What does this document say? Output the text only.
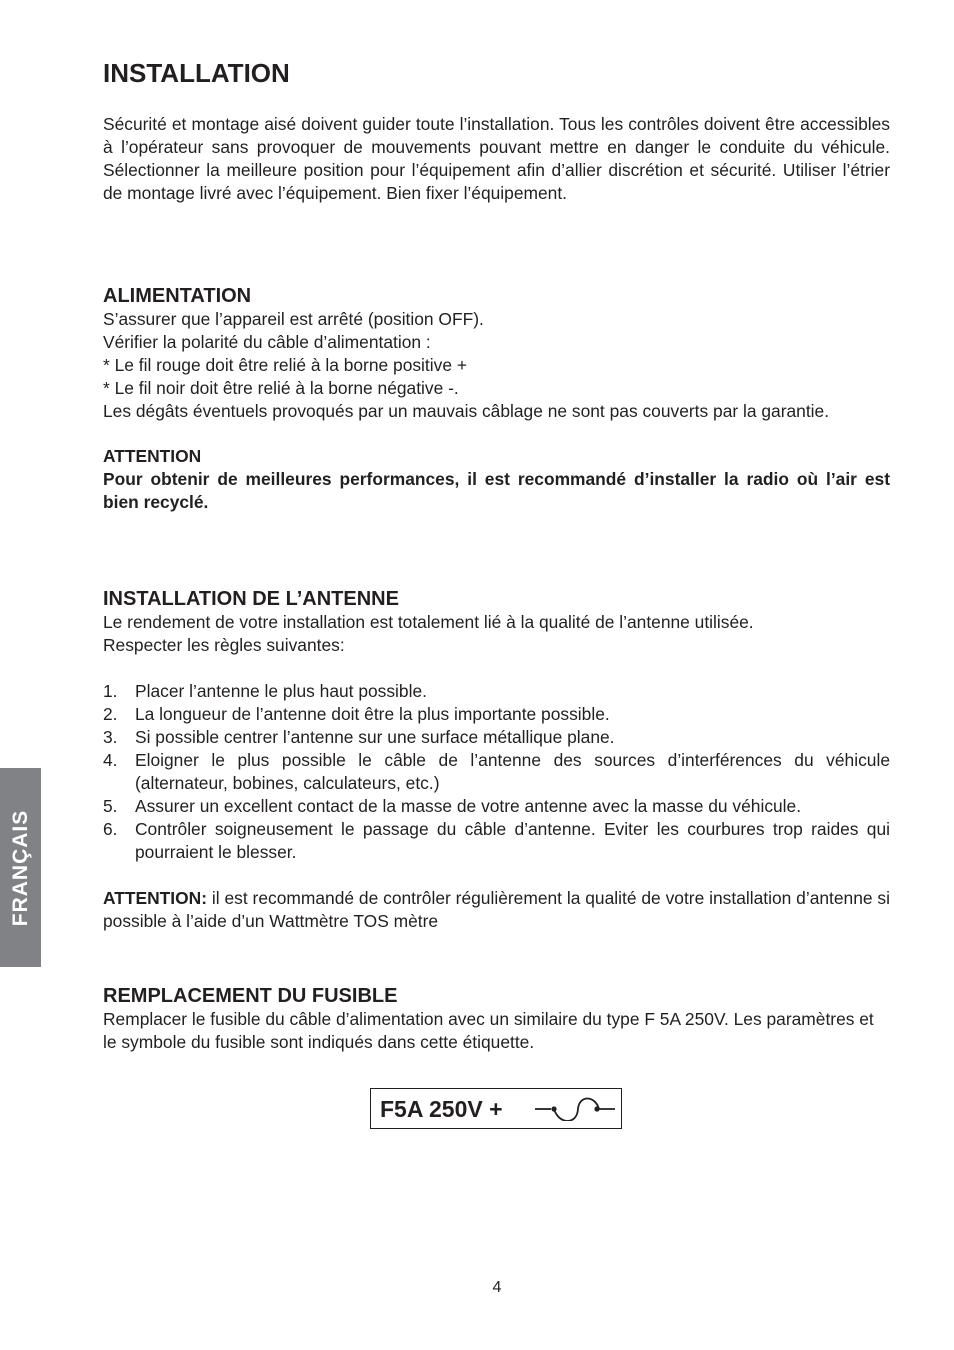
INSTALLATION

Sécurité et montage aisé doivent guider toute l’installation. Tous les contrôles doivent être accessibles à l’opérateur sans provoquer de mouvements pouvant mettre en danger le conduite du véhicule. Sélectionner la meilleure position pour l’équipement afin d’allier discrétion et sécurité. Utiliser l’étrier de montage livré avec l’équipement. Bien fixer l’équipement.

ALIMENTATION

S’assurer que l’appareil est arrêté (position OFF).

Vérifier la polarité du câble d’alimentation :

* Le fil rouge doit être relié à la borne positive +

* Le fil noir doit être relié à la borne négative -.

Les dégâts éventuels provoqués par un mauvais câblage ne sont pas couverts par la garantie.

ATTENTION

Pour obtenir de meilleures performances, il est recommandé d’installer la radio où l’air est bien recyclé.

INSTALLATION DE L’ANTENNE

Le rendement de votre installation est totalement lié à la qualité de l’antenne utilisée.

Respecter les règles suivantes:

1. Placer l’antenne le plus haut possible.
2. La longueur de l’antenne doit être la plus importante possible.
3. Si possible centrer l’antenne sur une surface métallique plane.
4. Eloigner le plus possible le câble de l’antenne des sources d’interférences du véhicule (alternateur, bobines, calculateurs, etc.)
5. Assurer un excellent contact de la masse de votre antenne avec la masse du véhicule.
6. Contrôler soigneusement le passage du câble d’antenne. Eviter les courbures trop raides qui pourraient le blesser.

ATTENTION: il est recommandé de contrôler régulièrement la qualité de votre installation d’antenne si possible à l’aide d’un Wattmètre TOS mètre

REMPLACEMENT DU FUSIBLE

Remplacer le fusible du câble d’alimentation avec un similaire du type F 5A 250V. Les paramètres et le symbole du fusible sont indiqués dans cette étiquette.

F5A 250V +
FRANÇAIS
4
